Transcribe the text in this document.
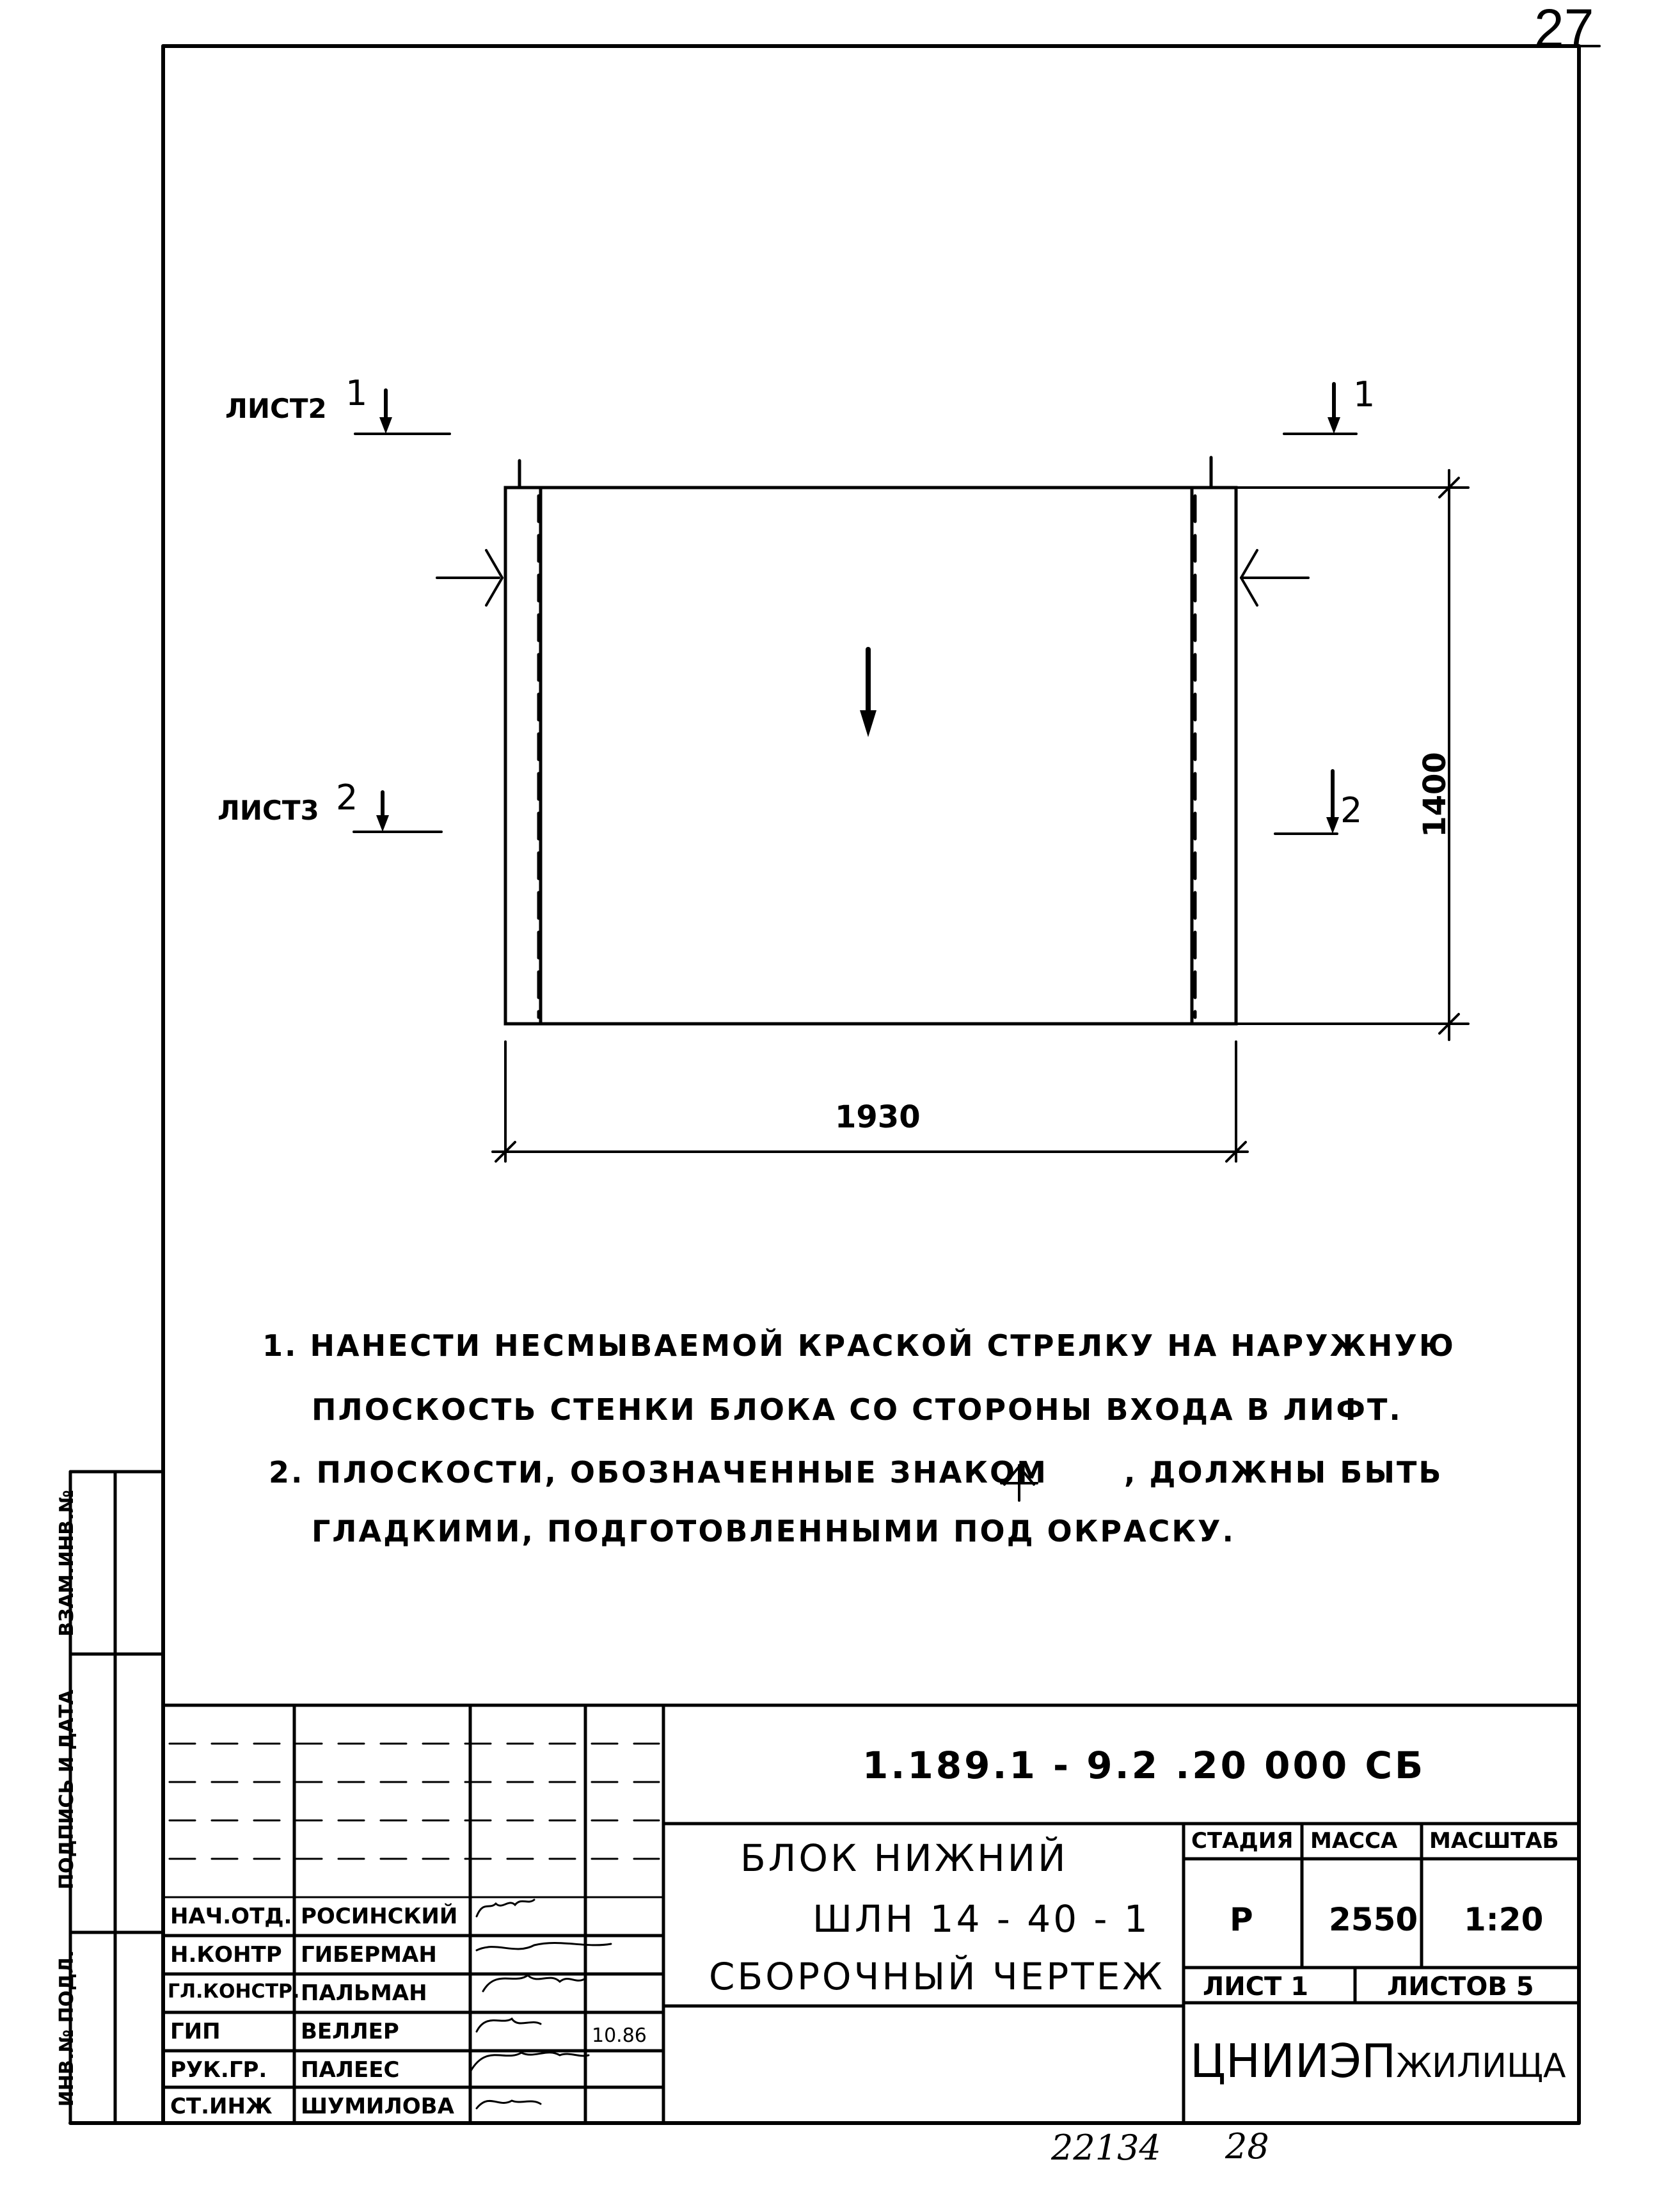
27
ЛИСТ2 1	1
ЛИСТ3 2	2 1400
1930
1. НАНЕСТИ НЕСМЫВАЕМОЙ КРАСКОЙ СТРЕЛКУ НА НАРУЖНУЮ
ПЛОСКОСТЬ СТЕНКИ БЛОКА СО СТОРОНЫ ВХОДА В ЛИФТ.
2. ПЛОСКОСТИ, ОБОЗНАЧЕННЫЕ ЗНАКОМ	, ДОЛЖНЫ БЫТЬ
ГЛАДКИМИ, ПОДГОТОВЛЕННЫМИ ПОД ОКРАСКУ.
1.189.1 - 9.2 .20 000 СБ
БЛОК НИЖНИЙ
ШЛН 14 - 40 - 1
СБОРОЧНЫЙ ЧЕРТЕЖ
СТАДИЯ МАССА МАСШТАБ
Р 2550 1:20
ЛИСТ 1	ЛИСТОВ 5
ЦНИИЭПЖИЛИЩА
10.86
НАЧ.ОТД. РОСИНСКИЙ
Н.КОНТР ГИБЕРМАН
ГЛ.КОНСТР. ПАЛЬМАН
ГИП	ВЕЛЛЕР
РУК.ГР. ПАЛЕЕС
СТ.ИНЖ ШУМИЛОВА
ИНВ.№ ПОДЛ.
ПОДПИСЬ И ДАТА
ВЗАМ.ИНВ.№
22134 28
